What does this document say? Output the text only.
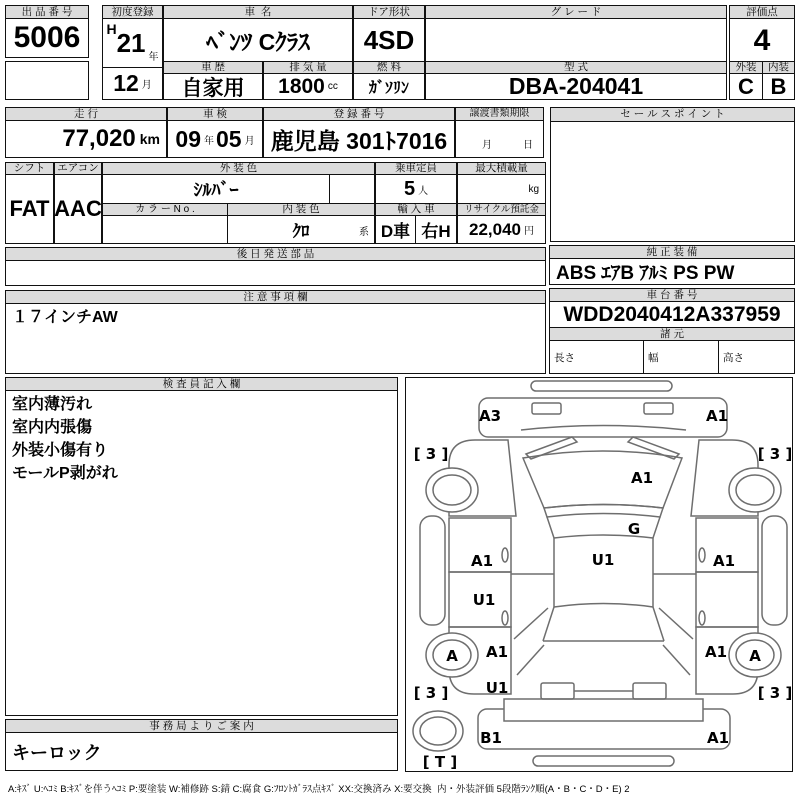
出 品 番 号
5006
初度登録
H 21 年
12 月
車  名
ﾍﾞﾝﾂ Cｸﾗｽ
車 歴
自家用
排 気 量
1800 cc
ドア形状
4SD
燃 料
ｶﾞｿﾘﾝ
グ レ ー ド
型 式
DBA-204041
評価点
4
外装	内装
C B
走 行
77,020 km
車 検
09 年 05 月
登 録 番 号
鹿児島 301ﾄ7016
譲渡書類期限
月	日
セ ー ル ス ポ イ ン ト
シフト
FAT
エアコン
AAC
外 装 色
ｼﾙﾊﾞｰ
乗車定員
5 人
最大積載量
kg
カ ラ ー N o .	内 装 色
ｸﾛ	系
輸 入 車
D車 右H
リサイクル預託金
22,040 円
後 日 発 送 部 品	純 正 装 備
ABS ｴｱB ｱﾙﾐ PS PW
注 意 事 項 欄
１７インチAW
車 台 番 号
WDD2040412A337959
諸 元
長さ	幅	高さ
検 査 員 記 入 欄
室内薄汚れ
室内内張傷
外装小傷有り
モールP剥がれ
事 務 局 よ り ご 案 内
キーロック
A3	A1
[ 3 ]	[ 3 ]
A1
G
A1	U1	A1
U1
A1
A	A1 A
U1
[ 3 ]	[ 3 ]
B1	A1
[ T ]
A:ｷｽﾞ U:ﾍｺﾐ B:ｷｽﾞを伴うﾍｺﾐ P:要塗装 W:補修跡 S:錆 C:腐食 G:ﾌﾛﾝﾄｶﾞﾗｽ点ｷｽﾞ XX:交換済み X:要交換  内・外装評価 5段階ﾗﾝｸ順(A・B・C・D・E) 2
